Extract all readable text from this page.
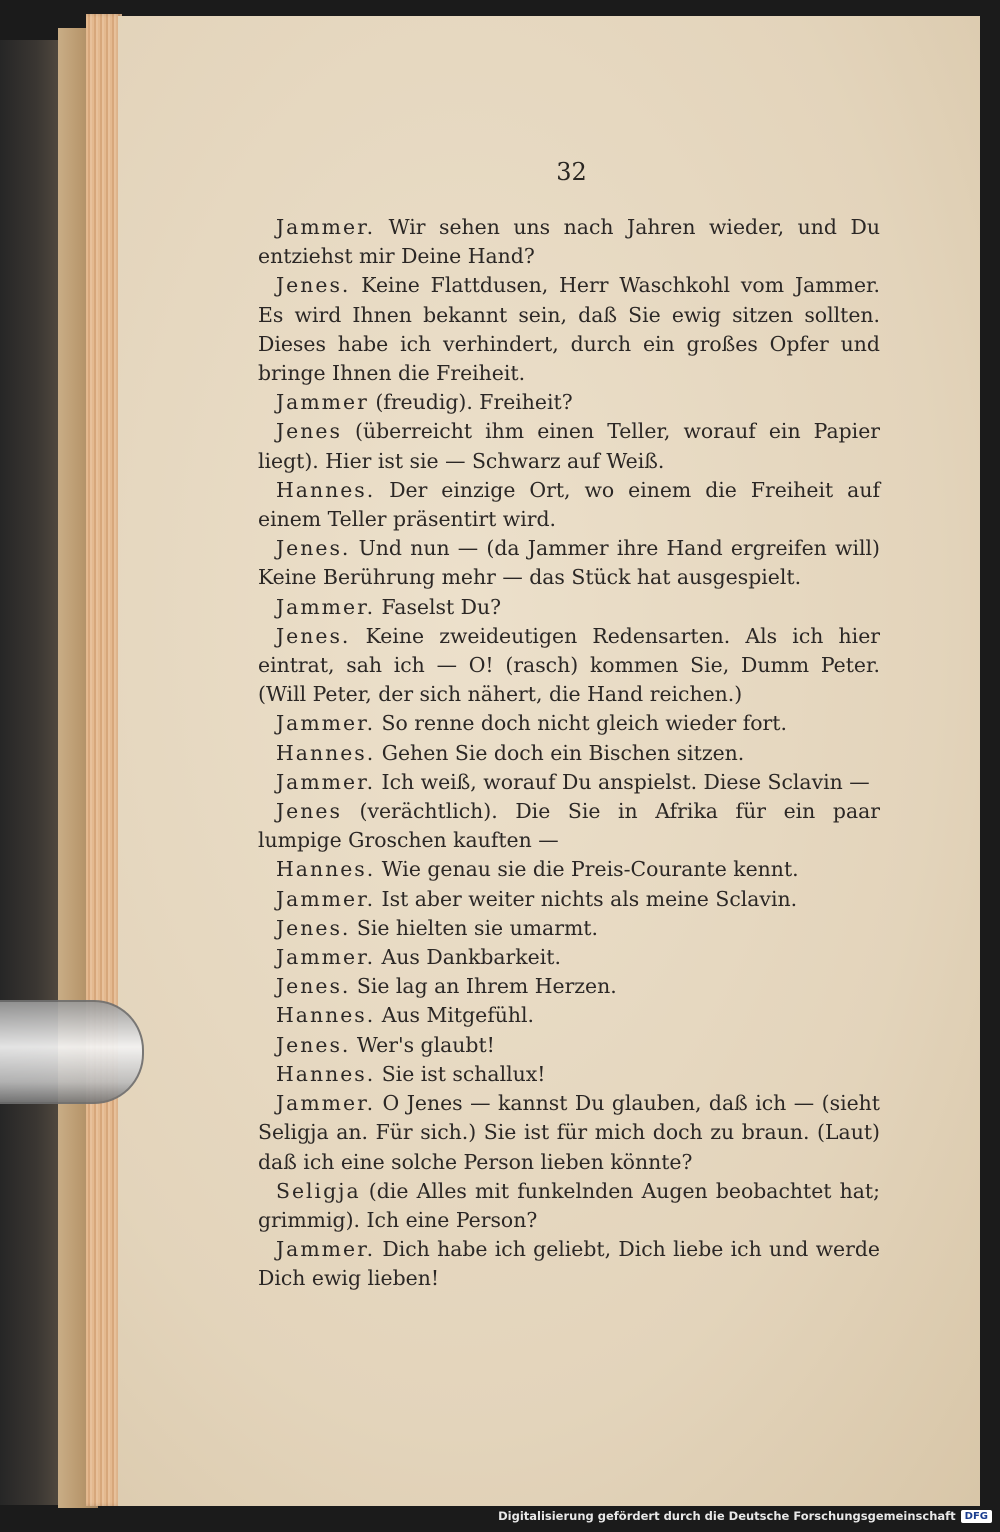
32

Jammer. Wir sehen uns nach Jahren wieder, und Du entziehst mir Deine Hand?

Jenes. Keine Flattdusen, Herr Waschkohl vom Jammer. Es wird Ihnen bekannt sein, daß Sie ewig sitzen sollten. Dieses habe ich verhindert, durch ein großes Opfer und bringe Ihnen die Freiheit.

Jammer (freudig). Freiheit?

Jenes (überreicht ihm einen Teller, worauf ein Papier liegt). Hier ist sie — Schwarz auf Weiß.

Hannes. Der einzige Ort, wo einem die Freiheit auf einem Teller präsentirt wird.

Jenes. Und nun — (da Jammer ihre Hand ergreifen will) Keine Berührung mehr — das Stück hat ausgespielt.

Jammer. Faselst Du?

Jenes. Keine zweideutigen Redensarten. Als ich hier eintrat, sah ich — O! (rasch) kommen Sie, Dumm Peter. (Will Peter, der sich nähert, die Hand reichen.)

Jammer. So renne doch nicht gleich wieder fort.

Hannes. Gehen Sie doch ein Bischen sitzen.

Jammer. Ich weiß, worauf Du anspielst. Diese Sclavin —

Jenes (verächtlich). Die Sie in Afrika für ein paar lumpige Groschen kauften —

Hannes. Wie genau sie die Preis-Courante kennt.

Jammer. Ist aber weiter nichts als meine Sclavin.

Jenes. Sie hielten sie umarmt.

Jammer. Aus Dankbarkeit.

Jenes. Sie lag an Ihrem Herzen.

Hannes. Aus Mitgefühl.

Jenes. Wer's glaubt!

Hannes. Sie ist schallux!

Jammer. O Jenes — kannst Du glauben, daß ich — (sieht Seligja an. Für sich.) Sie ist für mich doch zu braun. (Laut) daß ich eine solche Person lieben könnte?

Seligja (die Alles mit funkelnden Augen beobachtet hat; grimmig). Ich eine Person?

Jammer. Dich habe ich geliebt, Dich liebe ich und werde Dich ewig lieben!

Digitalisierung gefördert durch die Deutsche Forschungsgemeinschaft DFG
